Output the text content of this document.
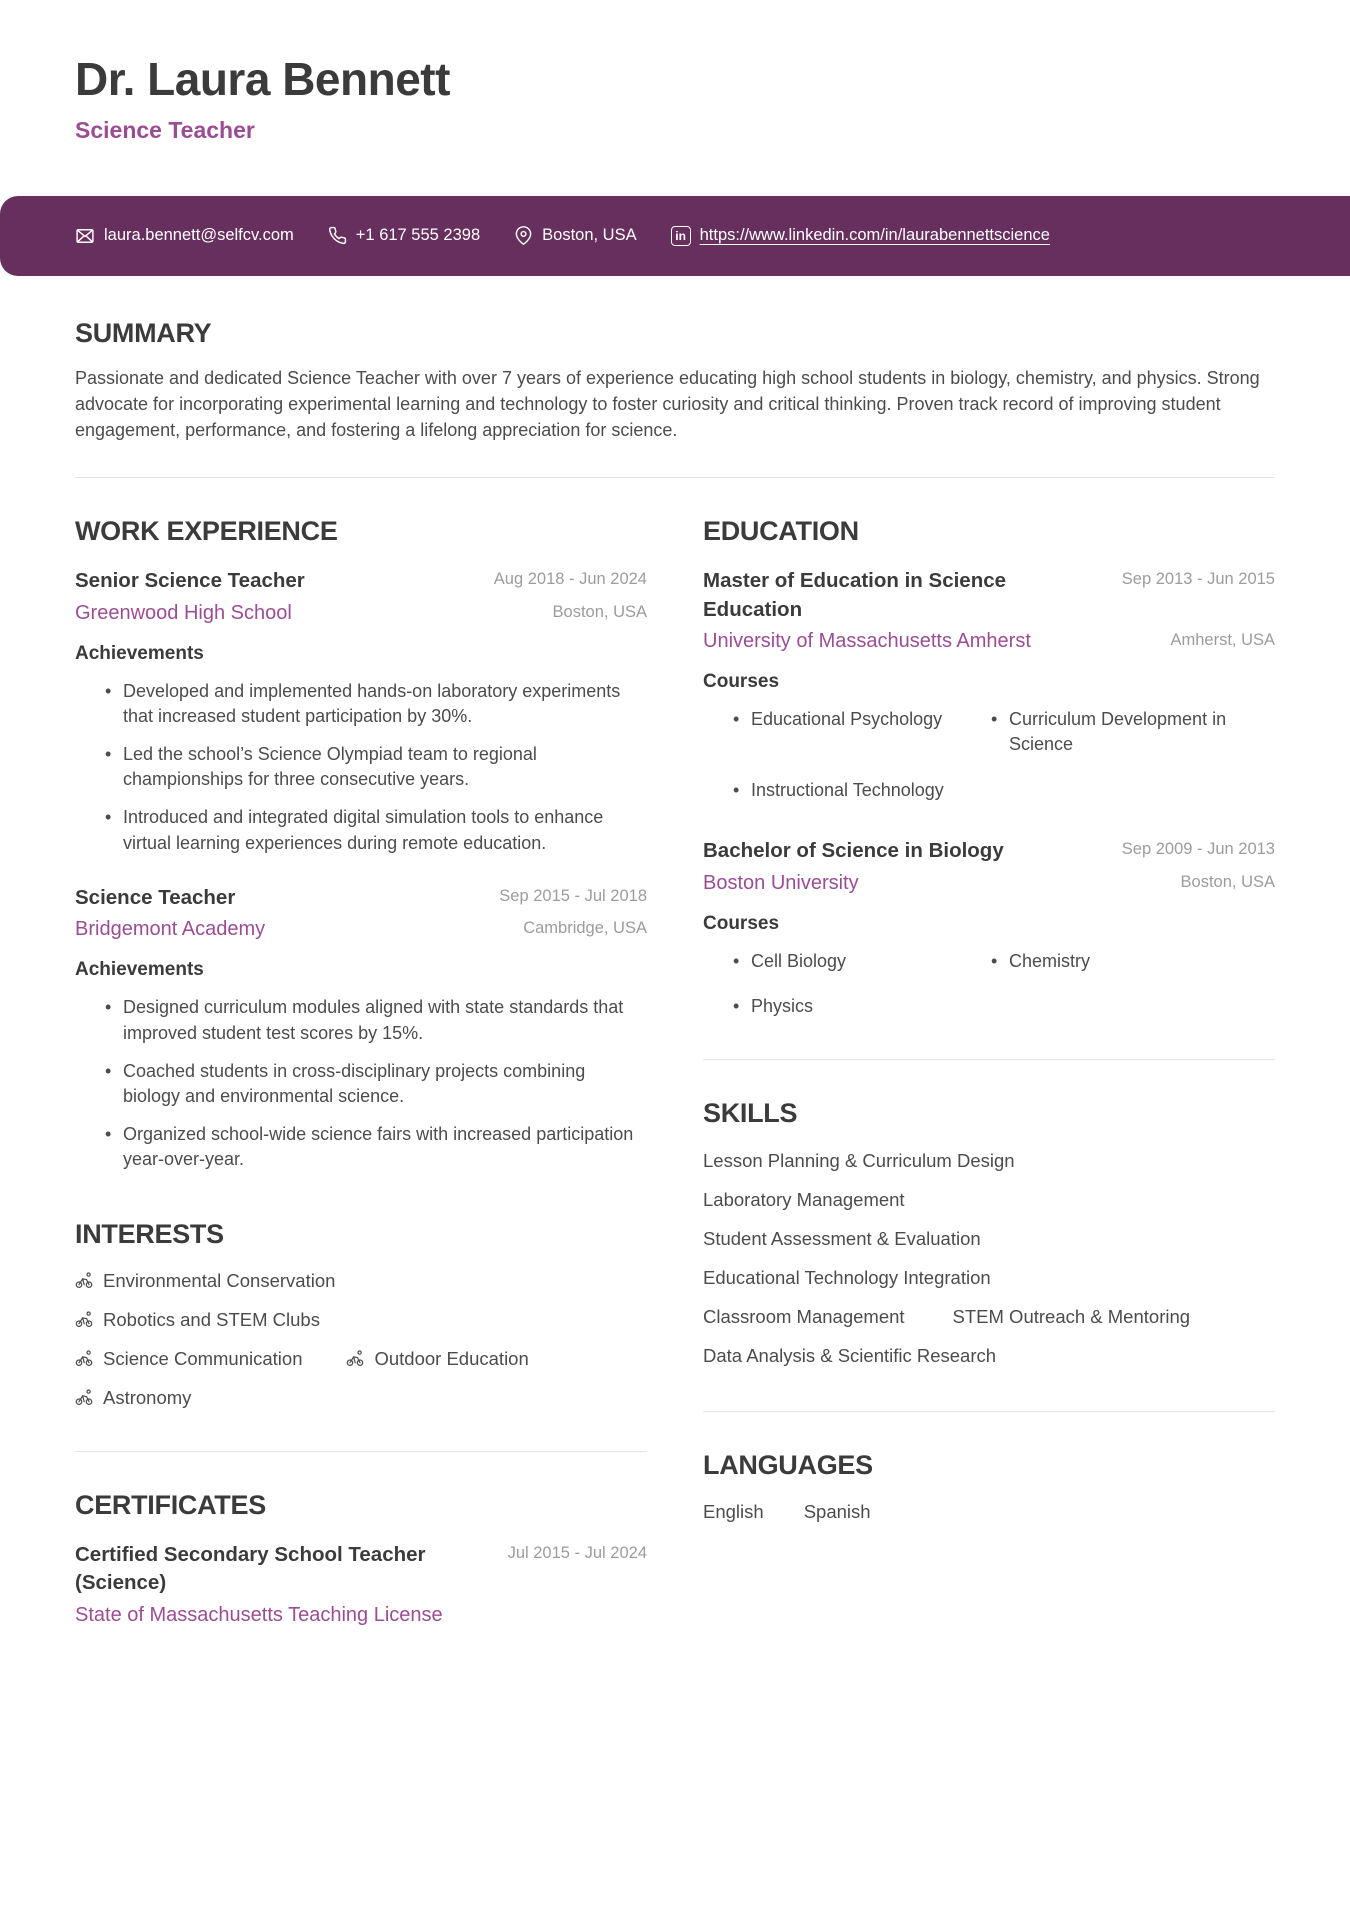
Dr. Laura Bennett
Science Teacher
laura.bennett@selfcv.com	+1 617 555 2398	Boston, USA	in https://www.linkedin.com/in/laurabennettscience
SUMMARY

Passionate and dedicated Science Teacher with over 7 years of experience educating high school students in biology, chemistry, and physics. Strong advocate for incorporating experimental learning and technology to foster curiosity and critical thinking. Proven track record of improving student engagement, performance, and fostering a lifelong appreciation for science.

WORK EXPERIENCE
Senior Science Teacher	Aug 2018 - Jun 2024
Greenwood High School	Boston, USA
Achievements
• Developed and implemented hands-on laboratory experiments that increased student participation by 30%.
• Led the school’s Science Olympiad team to regional championships for three consecutive years.
• Introduced and integrated digital simulation tools to enhance virtual learning experiences during remote education.
Science Teacher	Sep 2015 - Jul 2018
Bridgemont Academy	Cambridge, USA
Achievements
• Designed curriculum modules aligned with state standards that improved student test scores by 15%.
• Coached students in cross-disciplinary projects combining biology and environmental science.
• Organized school-wide science fairs with increased participation year-over-year.
INTERESTS
Environmental Conservation
Robotics and STEM Clubs
Science Communication	Outdoor Education
Astronomy
CERTIFICATES
Certified Secondary School Teacher (Science)
Jul 2015 - Jul 2024
State of Massachusetts Teaching License
EDUCATION
Master of Education in Science Education
Sep 2013 - Jun 2015
University of Massachusetts Amherst	Amherst, USA
Courses
• Educational Psychology	• Curriculum Development in Science
• Instructional Technology
Bachelor of Science in Biology	Sep 2009 - Jun 2013
Boston University	Boston, USA
Courses
• Cell Biology	• Chemistry
• Physics
SKILLS
Lesson Planning & Curriculum Design
Laboratory Management
Student Assessment & Evaluation
Educational Technology Integration
Classroom Management	STEM Outreach & Mentoring
Data Analysis & Scientific Research
LANGUAGES
English Spanish
